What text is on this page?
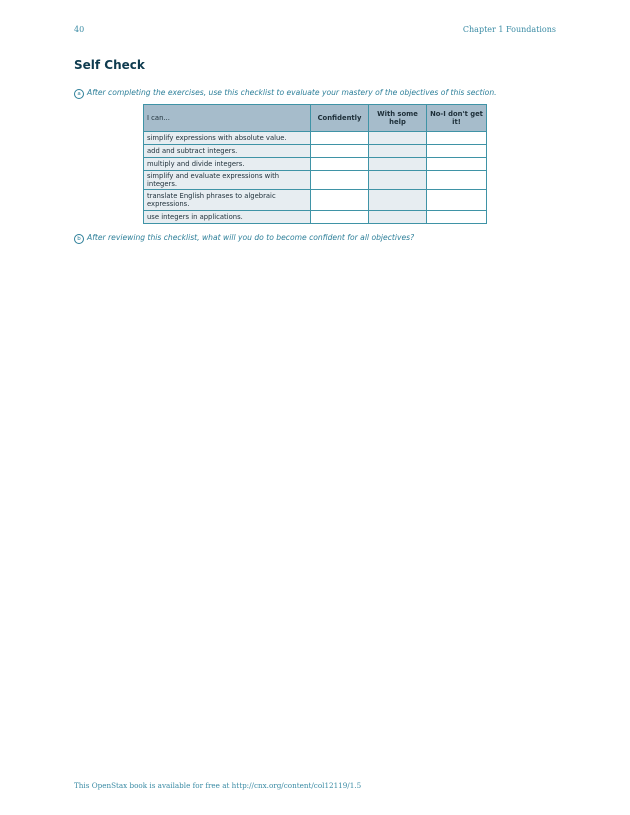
40	Chapter 1 Foundations
Self Check
a After completing the exercises, use this checklist to evaluate your mastery of the objectives of this section.
I can...	Confidently	With some help	No-I don't get it!
simplify expressions with absolute value.			
add and subtract integers.			
multiply and divide integers.			
simplify and evaluate expressions with integers.			
translate English phrases to algebraic expressions.			
use integers in applications.			
b After reviewing this checklist, what will you do to become confident for all objectives?
This OpenStax book is available for free at http://cnx.org/content/col12119/1.5
